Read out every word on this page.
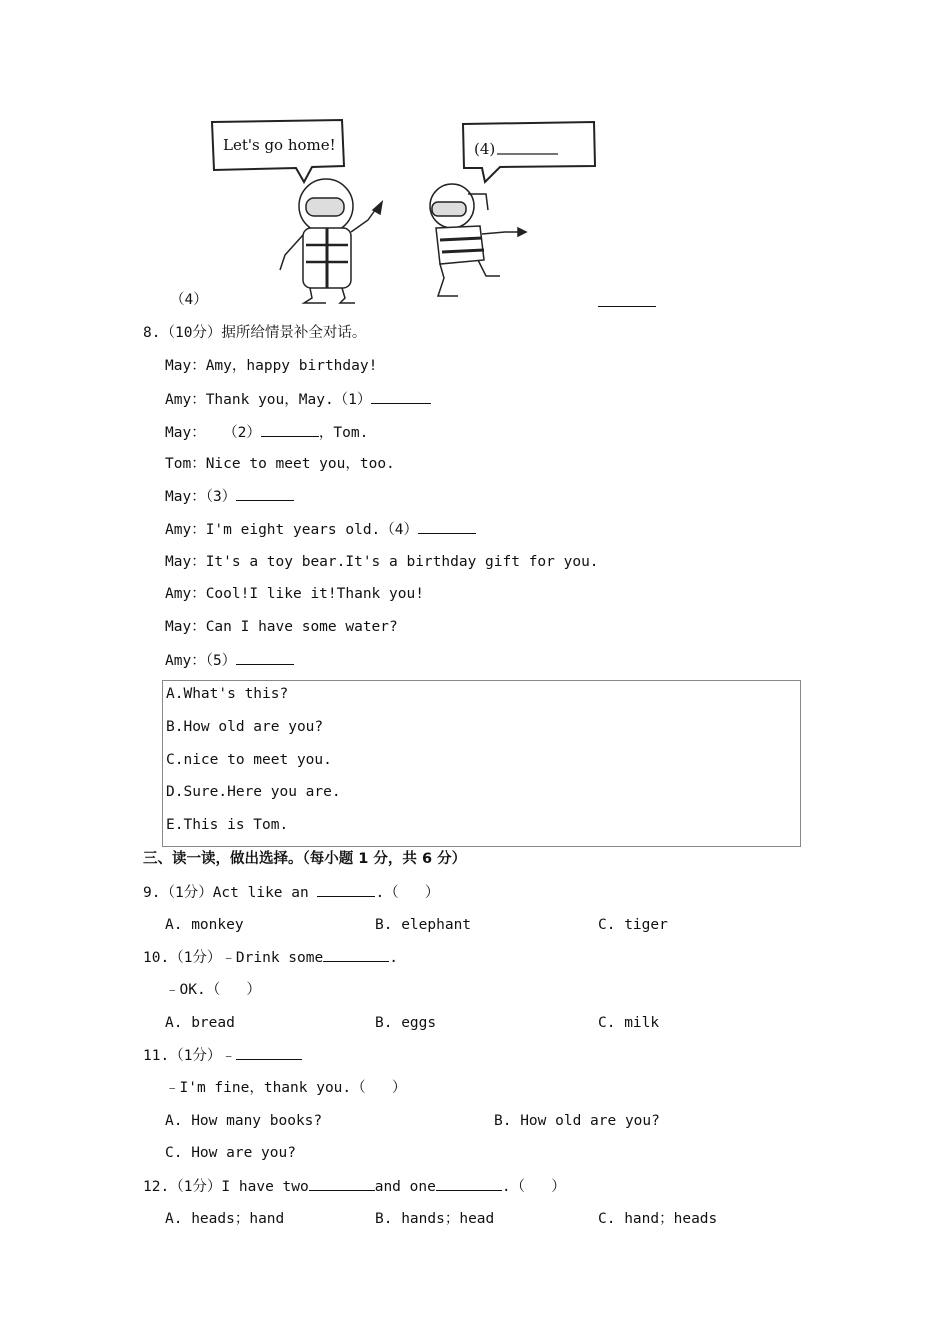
Let's go home!	(4)
（4）
8.（10分）据所给情景补全对话。
May：Amy，happy birthday!
Amy：Thank you，May.（1）
May：  （2）	，Tom.
Tom：Nice to meet you，too.
May：（3）
Amy：I'm eight years old.（4）
May：It's a toy bear.It's a birthday gift for you.
Amy：Cool!I like it!Thank you!
May：Can I have some water?
Amy：（5）
A.What's this?
B.How old are you?
C.nice to meet you.
D.Sure.Here you are.
E.This is Tom.
三、读一读，做出选择。（每小题 1 分，共 6 分）
9.（1分）Act like an	.（   ）
A. monkey	B. elephant	C. tiger
10.（1分）﹣Drink some	.
﹣OK.（   ）
A. bread	B. eggs	C. milk
11.（1分）﹣
﹣I'm fine，thank you.（   ）
A. How many books?	B. How old are you?
C. How are you?
12.（1分）I have two	and one	.（   ）
A. heads；hand	B. hands；head	C. hand；heads
